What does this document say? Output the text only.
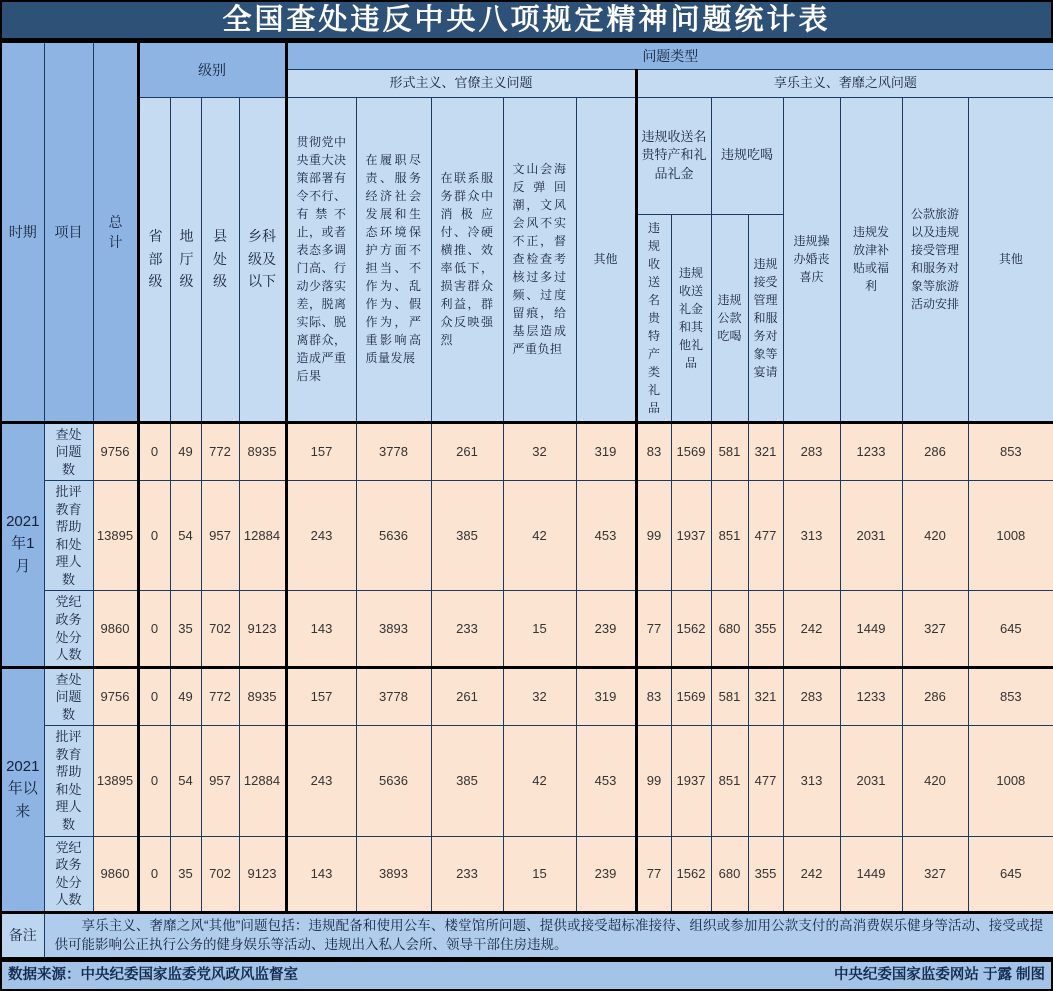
全国查处违反中央八项规定精神问题统计表
时期	项目	总计	级别				问题类型												
							形式主义、官僚主义问题					享乐主义、奢靡之风问题							
			省部级	地厅级	县处级	乡科级及以下	贯彻党中央重大决策部署有令不行、有禁不止，或者表态多调门高、行动少落实差，脱离实际、脱离群众，造成严重后果	在履职尽责、服务经济社会发展和生态环境保护方面不担当、不作为、乱作为、假作为，严重影响高质量发展	在联系服务群众中消极应付、冷硬横推、效率低下，损害群众利益，群众反映强烈	文山会海反弹回潮，文风会风不实不正，督查检查考核过多过频、过度留痕，给基层造成严重负担	其他	违规收送名贵特产和礼品礼金		违规吃喝		违规操办婚丧喜庆	违规发放津补贴或福利	公款旅游以及违规接受管理和服务对象等旅游活动安排	其他
												违规收送名贵特产类礼品	违规收送礼金和其他礼品	违规公款吃喝	违规接受管理和服务对象等宴请				
2021年1月	查处问题数	9756	0	49	772	8935	157	3778	261	32	319	83	1569	581	321	283	1233	286	853
	批评教育帮助和处理人数	13895	0	54	957	12884	243	5636	385	42	453	99	1937	851	477	313	2031	420	1008
	党纪政务处分人数	9860	0	35	702	9123	143	3893	233	15	239	77	1562	680	355	242	1449	327	645
2021年以来	查处问题数	9756	0	49	772	8935	157	3778	261	32	319	83	1569	581	321	283	1233	286	853
	批评教育帮助和处理人数	13895	0	54	957	12884	243	5636	385	42	453	99	1937	851	477	313	2031	420	1008
	党纪政务处分人数	9860	0	35	702	9123	143	3893	233	15	239	77	1562	680	355	242	1449	327	645
备注	享乐主义、奢靡之风“其他”问题包括：违规配备和使用公车、楼堂馆所问题、提供或接受超标准接待、组织或参加用公款支付的高消费娱乐健身等活动、接受或提供可能影响公正执行公务的健身娱乐等活动、违规出入私人会所、领导干部住房违规。																		
数据来源：中央纪委国家监委党风政风监督室	中央纪委国家监委网站 于露 制图
